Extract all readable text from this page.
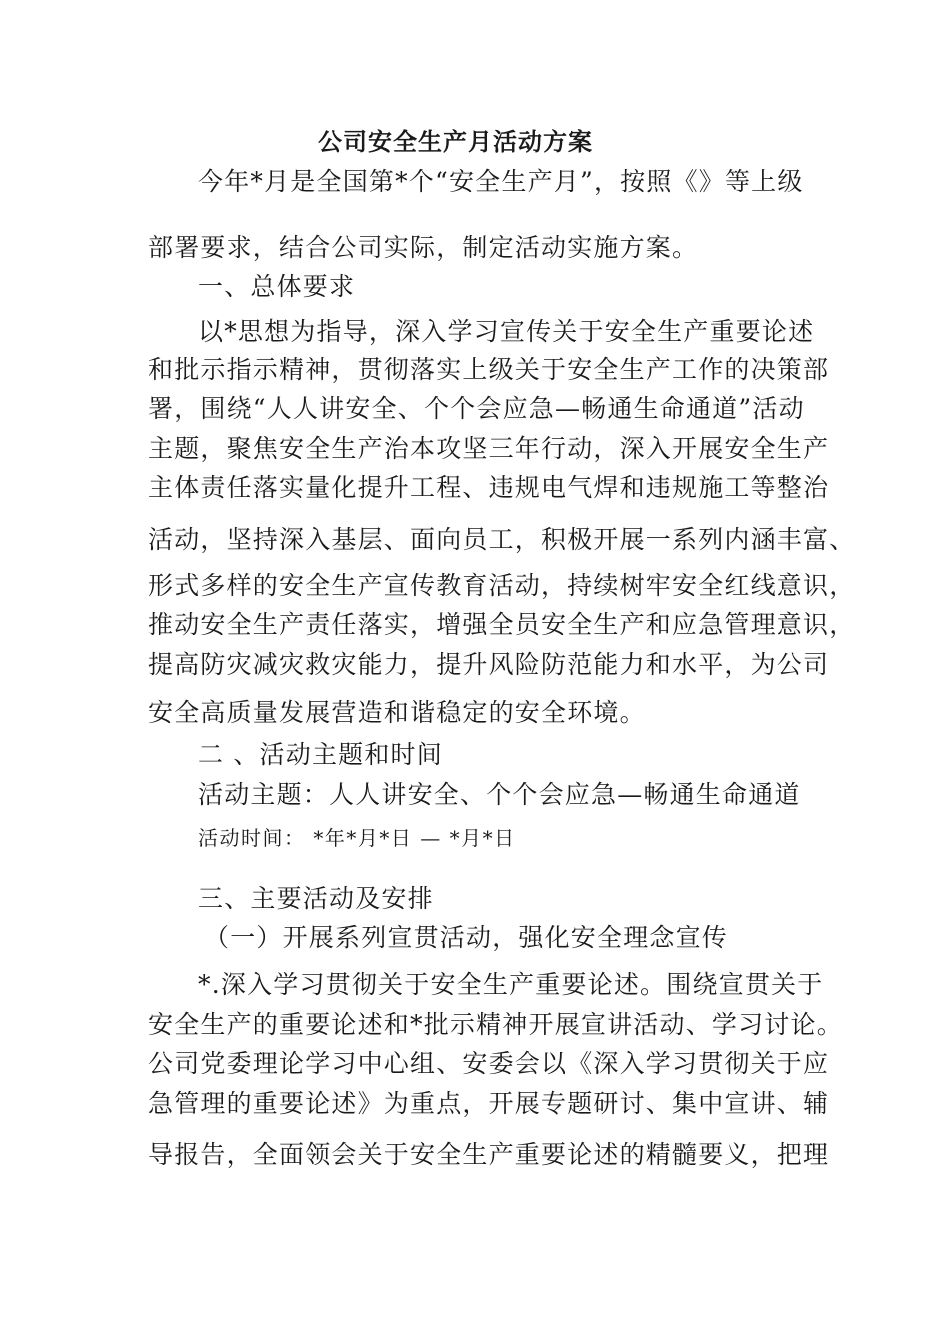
公司安全生产月活动方案
今年*月是全国第*个“安全生产月”，按照《》等上级
部署要求，结合公司实际，制定活动实施方案。
一、总体要求
以*思想为指导，深入学习宣传关于安全生产重要论述
和批示指示精神，贯彻落实上级关于安全生产工作的决策部
署，围绕“人人讲安全、个个会应急—畅通生命通道”活动
主题，聚焦安全生产治本攻坚三年行动，深入开展安全生产
主体责任落实量化提升工程、违规电气焊和违规施工等整治
活动，坚持深入基层、面向员工，积极开展一系列内涵丰富、
形式多样的安全生产宣传教育活动，持续树牢安全红线意识，
推动安全生产责任落实，增强全员安全生产和应急管理意识，
提高防灾减灾救灾能力，提升风险防范能力和水平，为公司
安全高质量发展营造和谐稳定的安全环境。
二 、活动主题和时间
活动主题：人人讲安全、个个会应急—畅通生命通道
活动时间： *年*月*日 — *月*日
三、主要活动及安排
（一）开展系列宣贯活动，强化安全理念宣传
*.深入学习贯彻关于安全生产重要论述。围绕宣贯关于
安全生产的重要论述和*批示精神开展宣讲活动、学习讨论。
公司党委理论学习中心组、安委会以《深入学习贯彻关于应
急管理的重要论述》为重点，开展专题研讨、集中宣讲、辅
导报告，全面领会关于安全生产重要论述的精髓要义，把理
